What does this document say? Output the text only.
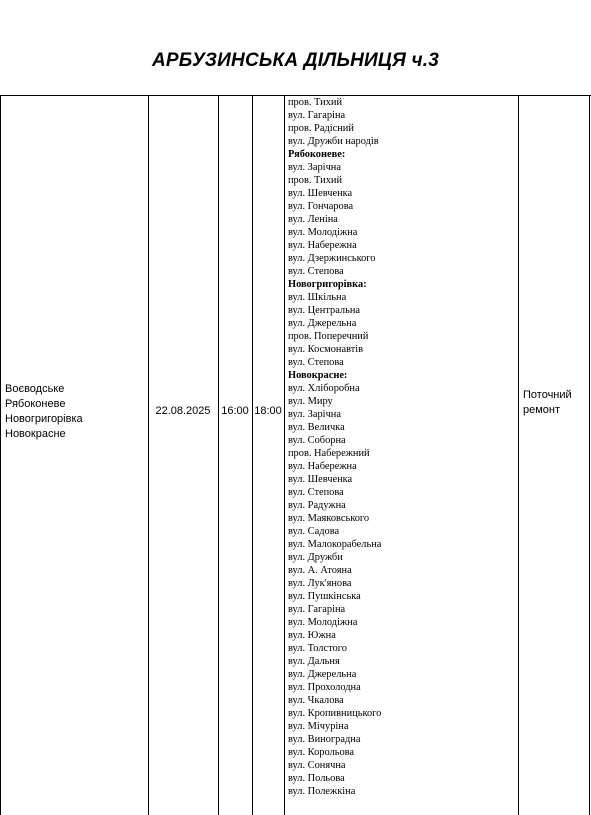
АРБУЗИНСЬКА ДІЛЬНИЦЯ ч.3
Воєводське
Рябоконеве
Новогригорівка
Новокрасне
22.08.2025 16:00 18:00
пров. Тихий
вул. Гагаріна
пров. Радісний
вул. Дружби народів
Рябоконеве:
вул. Зарічна
пров. Тихий
вул. Шевченка
вул. Гончарова
вул. Леніна
вул. Молодіжна
вул. Набережна
вул. Дзержинського
вул. Степова
Новогригорівка:
вул. Шкільна
вул. Центральна
вул. Джерельна
пров. Поперечний
вул. Космонавтів
вул. Степова
Новокрасне:
вул. Хліборобна
вул. Миру
вул. Зарічна
вул. Величка
вул. Соборна
пров. Набережний
вул. Набережна
вул. Шевченка
вул. Степова
вул. Радужна
вул. Маяковського
вул. Садова
вул. Малокорабельна
вул. Дружби
вул. А. Атояна
вул. Лук'янова
вул. Пушкінська
вул. Гагаріна
вул. Молодіжна
вул. Южна
вул. Толстого
вул. Дальня
вул. Джерельна
вул. Прохолодна
вул. Чкалова
вул. Кропивницького
вул. Мічуріна
вул. Виноградна
вул. Корольова
вул. Сонячна
вул. Польова
вул. Полежкіна
Поточний
ремонт
